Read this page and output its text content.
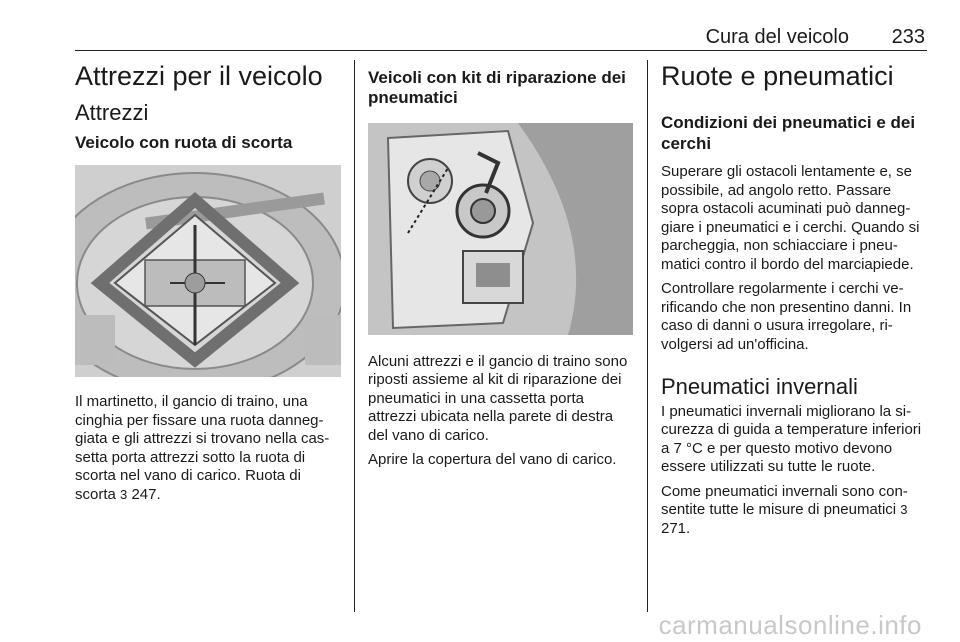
Cura del veicolo 233
Attrezzi per il veicolo
Attrezzi
Veicolo con ruota di scorta

Il martinetto, il gancio di traino, una cinghia per fissare una ruota danneggiata e gli attrezzi si trovano nella cassetta porta attrezzi sotto la ruota di scorta nel vano di carico. Ruota di scorta 3 247.

Veicoli con kit di riparazione dei pneumatici

Alcuni attrezzi e il gancio di traino sono riposti assieme al kit di riparazione dei pneumatici in una cassetta porta attrezzi ubicata nella parete di destra del vano di carico.

Aprire la copertura del vano di carico.

Ruote e pneumatici
Condizioni dei pneumatici e dei cerchi

Superare gli ostacoli lentamente e, se possibile, ad angolo retto. Passare sopra ostacoli acuminati può danneggiare i pneumatici e i cerchi. Quando si parcheggia, non schiacciare i pneumatici contro il bordo del marciapiede.

Controllare regolarmente i cerchi verificando che non presentino danni. In caso di danni o usura irregolare, rivolgersi ad un'officina.

Pneumatici invernali

I pneumatici invernali migliorano la sicurezza di guida a temperature inferiori a 7 °C e per questo motivo devono essere utilizzati su tutte le ruote.

Come pneumatici invernali sono consentite tutte le misure di pneumatici 3 271.

carmanualsonline.info
